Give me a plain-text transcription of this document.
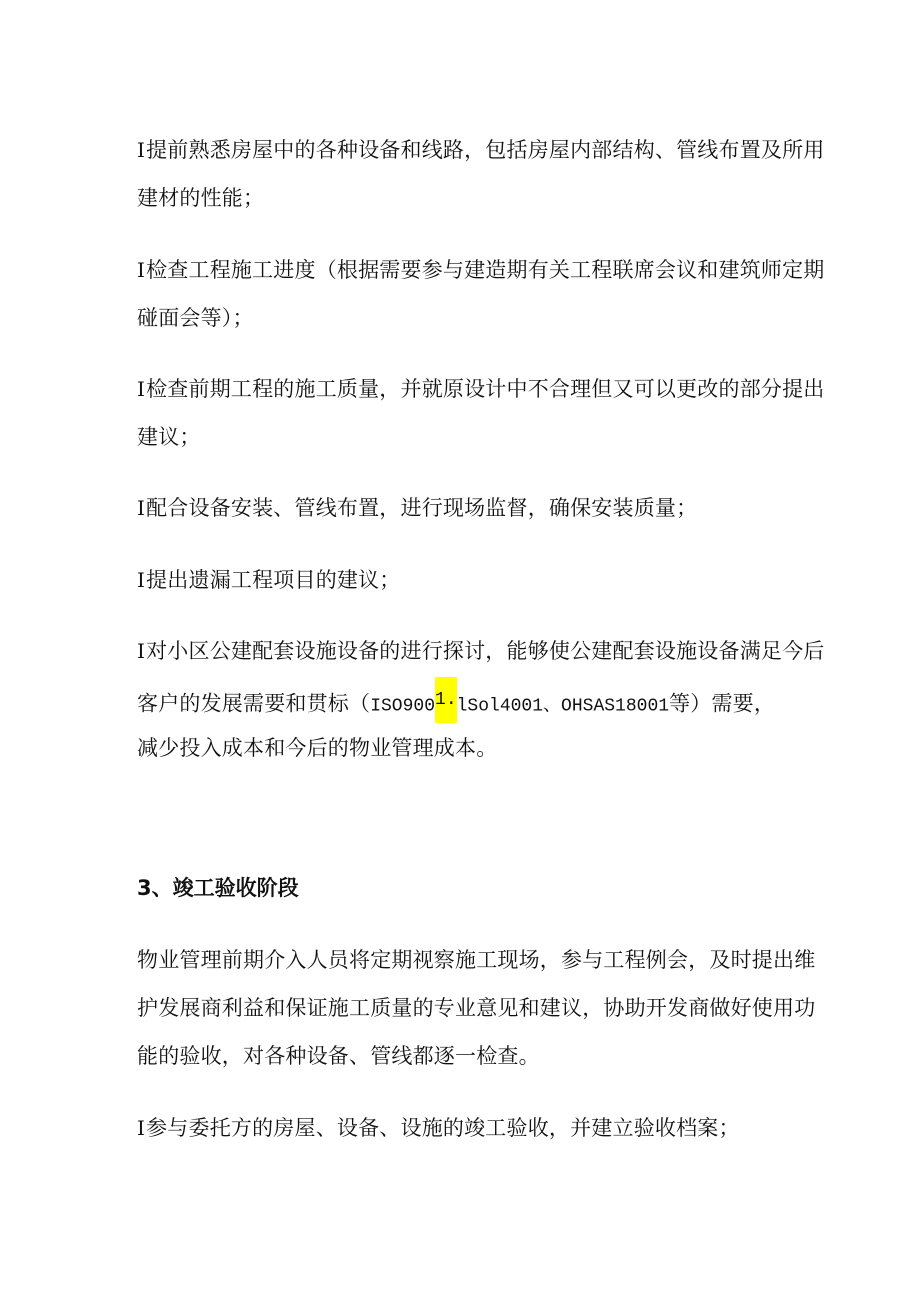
I提前熟悉房屋中的各种设备和线路，包括房屋内部结构、管线布置及所用
建材的性能；
I检查工程施工进度（根据需要参与建造期有关工程联席会议和建筑师定期
碰面会等）；
I检查前期工程的施工质量，并就原设计中不合理但又可以更改的部分提出
建议；
I配合设备安装、管线布置，进行现场监督，确保安装质量；
I提出遗漏工程项目的建议；
I对小区公建配套设施设备的进行探讨，能够使公建配套设施设备满足今后
客户的发展需要和贯标（ISO9001.lSol4001、OHSAS18001等）需要，
减少投入成本和今后的物业管理成本。
3、竣工验收阶段
物业管理前期介入人员将定期视察施工现场，参与工程例会，及时提出维
护发展商利益和保证施工质量的专业意见和建议，协助开发商做好使用功
能的验收，对各种设备、管线都逐一检查。
I参与委托方的房屋、设备、设施的竣工验收，并建立验收档案；
